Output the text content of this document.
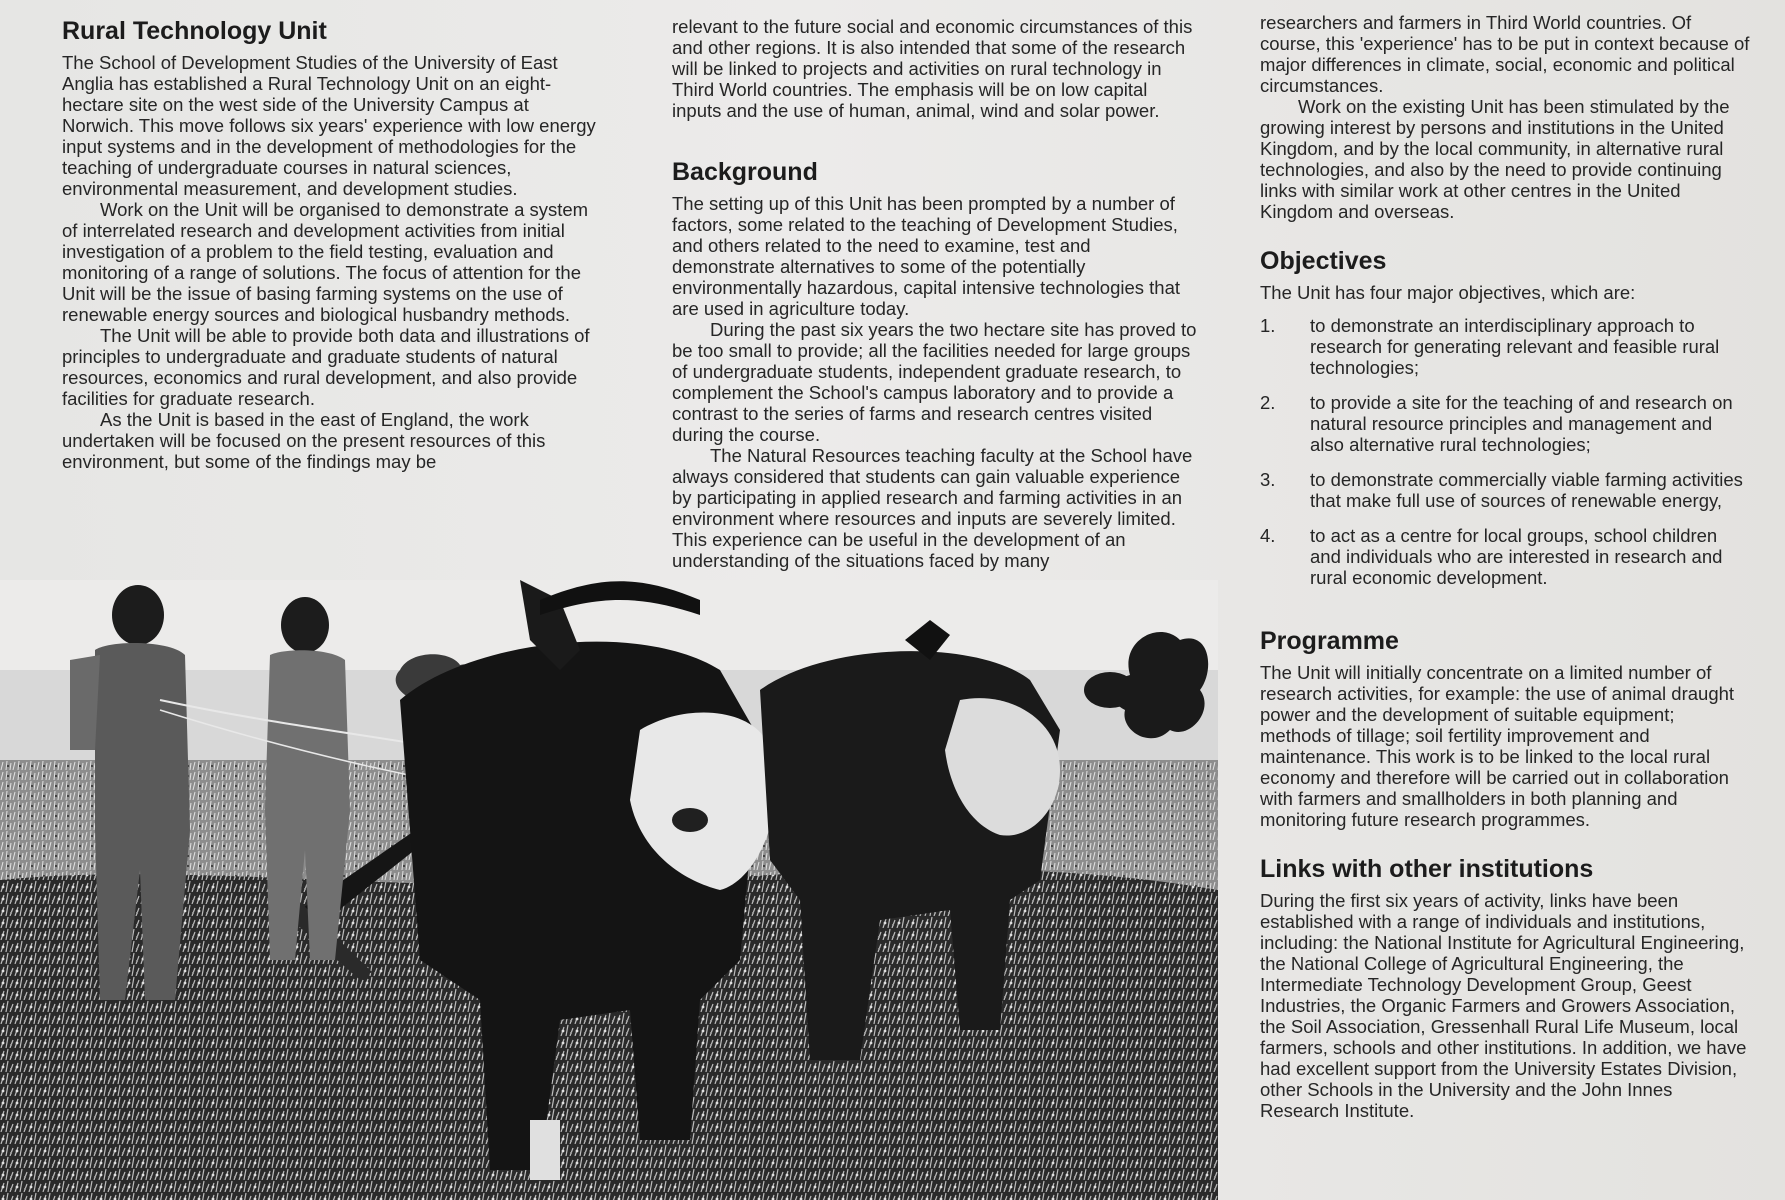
Rural Technology Unit

The School of Development Studies of the University of East Anglia has established a Rural Technology Unit on an eight-hectare site on the west side of the University Campus at Norwich. This move follows six years' experience with low energy input systems and in the development of methodologies for the teaching of undergraduate courses in natural sciences, environmental measurement, and development studies.

Work on the Unit will be organised to demonstrate a system of interrelated research and development activities from initial investigation of a problem to the field testing, evaluation and monitoring of a range of solutions. The focus of attention for the Unit will be the issue of basing farming systems on the use of renewable energy sources and biological husbandry methods.

The Unit will be able to provide both data and illustrations of principles to undergraduate and graduate students of natural resources, economics and rural development, and also provide facilities for graduate research.

As the Unit is based in the east of England, the work undertaken will be focused on the present resources of this environment, but some of the findings may be

relevant to the future social and economic circumstances of this and other regions. It is also intended that some of the research will be linked to projects and activities on rural technology in Third World countries. The emphasis will be on low capital inputs and the use of human, animal, wind and solar power.

Background

The setting up of this Unit has been prompted by a number of factors, some related to the teaching of Development Studies, and others related to the need to examine, test and demonstrate alternatives to some of the potentially environmentally hazardous, capital intensive technologies that are used in agriculture today.

During the past six years the two hectare site has proved to be too small to provide; all the facilities needed for large groups of undergraduate students, independent graduate research, to complement the School's campus laboratory and to provide a contrast to the series of farms and research centres visited during the course.

The Natural Resources teaching faculty at the School have always considered that students can gain valuable experience by participating in applied research and farming activities in an environment where resources and inputs are severely limited. This experience can be useful in the development of an understanding of the situations faced by many

researchers and farmers in Third World countries. Of course, this 'experience' has to be put in context because of major differences in climate, social, economic and political circumstances.

Work on the existing Unit has been stimulated by the growing interest by persons and institutions in the United Kingdom, and by the local community, in alternative rural technologies, and also by the need to provide continuing links with similar work at other centres in the United Kingdom and overseas.

Objectives

The Unit has four major objectives, which are:

1. to demonstrate an interdisciplinary approach to research for generating relevant and feasible rural technologies;
2. to provide a site for the teaching of and research on natural resource principles and management and also alternative rural technologies;
3. to demonstrate commercially viable farming activities that make full use of sources of renewable energy,
4. to act as a centre for local groups, school children and individuals who are interested in research and rural economic development.
Programme

The Unit will initially concentrate on a limited number of research activities, for example: the use of animal draught power and the development of suitable equipment; methods of tillage; soil fertility improvement and maintenance. This work is to be linked to the local rural economy and therefore will be carried out in collaboration with farmers and smallholders in both planning and monitoring future research programmes.

Links with other institutions

During the first six years of activity, links have been established with a range of individuals and institutions, including: the National Institute for Agricultural Engineering, the National College of Agricultural Engineering, the Intermediate Technology Development Group, Geest Industries, the Organic Farmers and Growers Association, the Soil Association, Gressenhall Rural Life Museum, local farmers, schools and other institutions. In addition, we have had excellent support from the University Estates Division, other Schools in the University and the John Innes Research Institute.
